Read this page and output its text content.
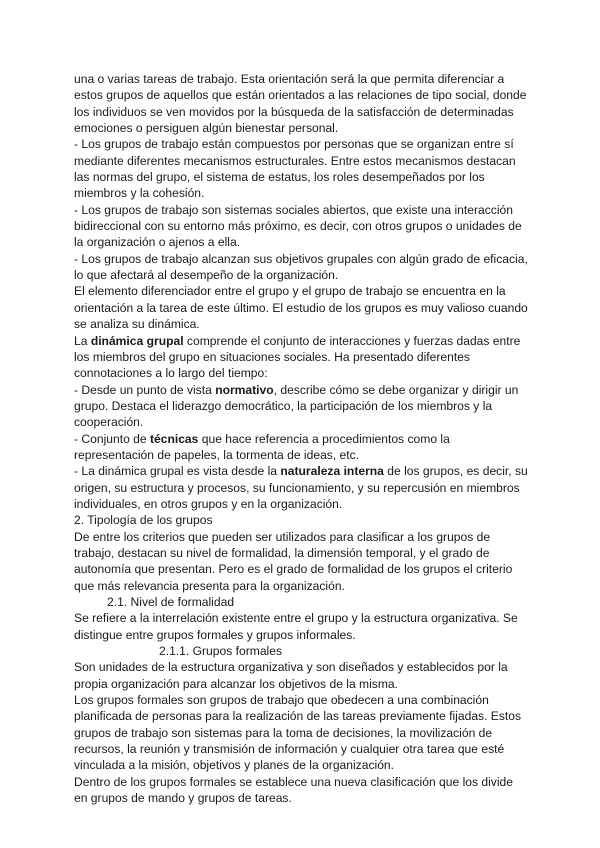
una o varias tareas de trabajo. Esta orientación será la que permita diferenciar a

estos grupos de aquellos que están orientados a las relaciones de tipo social, donde

los individuos se ven movidos por la búsqueda de la satisfacción de determinadas

emociones o persiguen algún bienestar personal.

- Los grupos de trabajo están compuestos por personas que se organizan entre sí

mediante diferentes mecanismos estructurales. Entre estos mecanismos destacan

las normas del grupo, el sistema de estatus, los roles desempeñados por los

miembros y la cohesión.

- Los grupos de trabajo son sistemas sociales abiertos, que existe una interacción

bidireccional con su entorno más próximo, es decir, con otros grupos o unidades de

la organización o ajenos a ella.

- Los grupos de trabajo alcanzan sus objetivos grupales con algún grado de eficacia,

lo que afectará al desempeño de la organización.

El elemento diferenciador entre el grupo y el grupo de trabajo se encuentra en la

orientación a la tarea de este último. El estudio de los grupos es muy valioso cuando

se analiza su dinámica.

La dinámica grupal comprende el conjunto de interacciones y fuerzas dadas entre

los miembros del grupo en situaciones sociales. Ha presentado diferentes

connotaciones a lo largo del tiempo:

- Desde un punto de vista normativo, describe cómo se debe organizar y dirigir un

grupo. Destaca el liderazgo democrático, la participación de los miembros y la

cooperación.

- Conjunto de técnicas que hace referencia a procedimientos como la

representación de papeles, la tormenta de ideas, etc.

- La dinámica grupal es vista desde la naturaleza interna de los grupos, es decir, su

origen, su estructura y procesos, su funcionamiento, y su repercusión en miembros

individuales, en otros grupos y en la organización.

2. Tipología de los grupos

De entre los criterios que pueden ser utilizados para clasificar a los grupos de

trabajo, destacan su nivel de formalidad, la dimensión temporal, y el grado de

autonomía que presentan. Pero es el grado de formalidad de los grupos el criterio

que más relevancia presenta para la organización.

2.1. Nivel de formalidad

Se refiere a la interrelación existente entre el grupo y la estructura organizativa. Se

distingue entre grupos formales y grupos informales.

2.1.1. Grupos formales

Son unidades de la estructura organizativa y son diseñados y establecidos por la

propia organización para alcanzar los objetivos de la misma.

Los grupos formales son grupos de trabajo que obedecen a una combinación

planificada de personas para la realización de las tareas previamente fijadas. Estos

grupos de trabajo son sistemas para la toma de decisiones, la movilización de

recursos, la reunión y transmisión de información y cualquier otra tarea que esté

vinculada a la misión, objetivos y planes de la organización.

Dentro de los grupos formales se establece una nueva clasificación que los divide

en grupos de mando y grupos de tareas.
